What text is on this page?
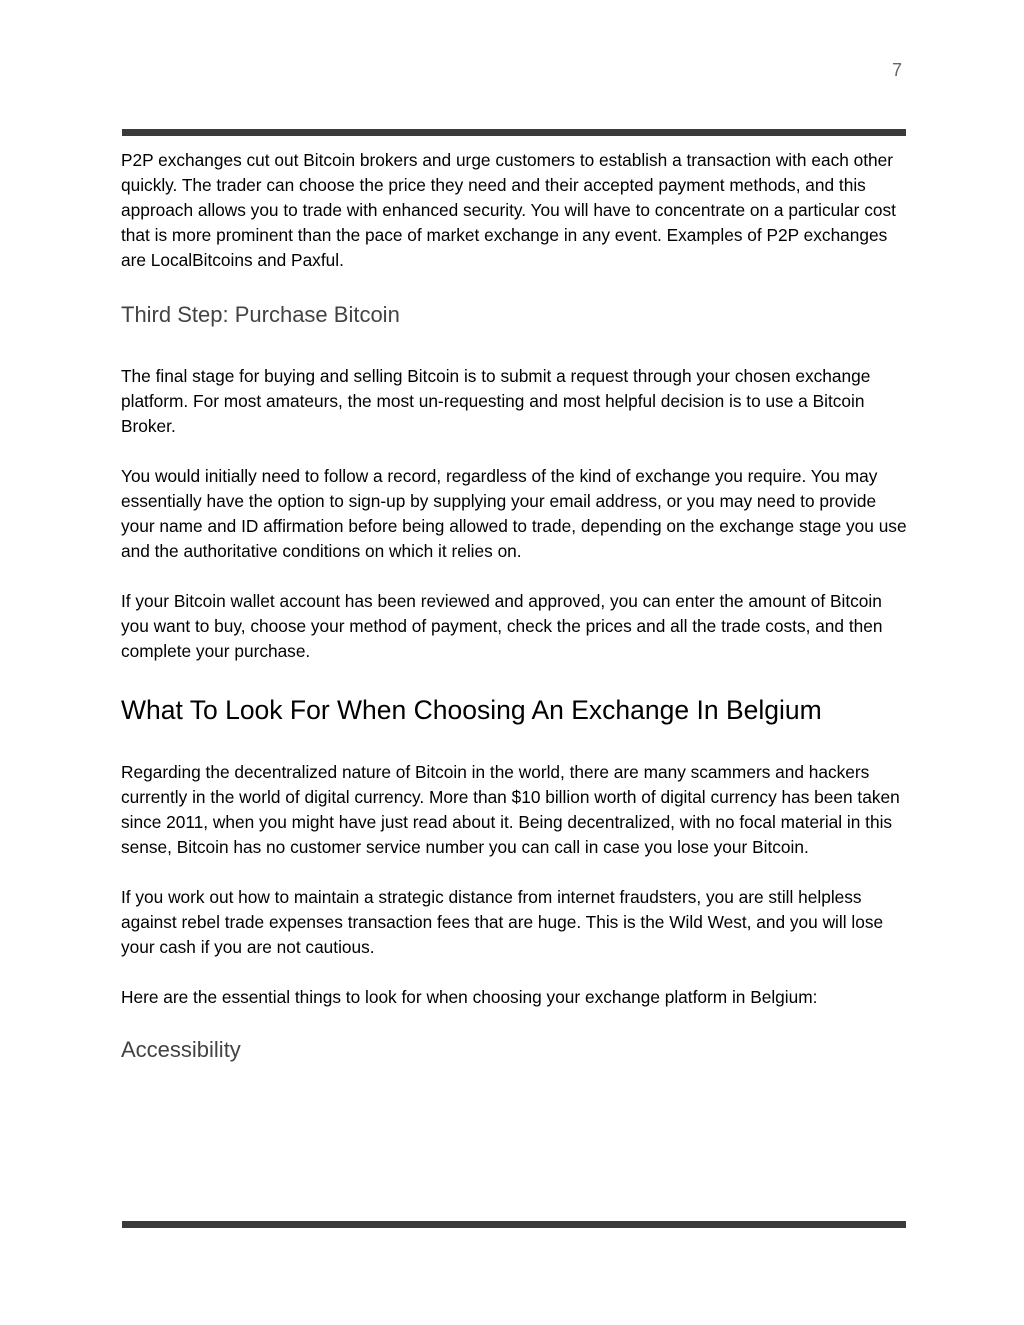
7

P2P exchanges cut out Bitcoin brokers and urge customers to establish a transaction with each other quickly. The trader can choose the price they need and their accepted payment methods, and this approach allows you to trade with enhanced security. You will have to concentrate on a particular cost that is more prominent than the pace of market exchange in any event. Examples of P2P exchanges are LocalBitcoins and Paxful.

Third Step: Purchase Bitcoin

The final stage for buying and selling Bitcoin is to submit a request through your chosen exchange platform. For most amateurs, the most un-requesting and most helpful decision is to use a Bitcoin Broker.

You would initially need to follow a record, regardless of the kind of exchange you require. You may essentially have the option to sign-up by supplying your email address, or you may need to provide your name and ID affirmation before being allowed to trade, depending on the exchange stage you use and the authoritative conditions on which it relies on.

If your Bitcoin wallet account has been reviewed and approved, you can enter the amount of Bitcoin you want to buy, choose your method of payment, check the prices and all the trade costs, and then complete your purchase.

What To Look For When Choosing An Exchange In Belgium

Regarding the decentralized nature of Bitcoin in the world, there are many scammers and hackers currently in the world of digital currency. More than $10 billion worth of digital currency has been taken since 2011, when you might have just read about it. Being decentralized, with no focal material in this sense, Bitcoin has no customer service number you can call in case you lose your Bitcoin.

If you work out how to maintain a strategic distance from internet fraudsters, you are still helpless against rebel trade expenses transaction fees that are huge. This is the Wild West, and you will lose your cash if you are not cautious.

Here are the essential things to look for when choosing your exchange platform in Belgium:

Accessibility
